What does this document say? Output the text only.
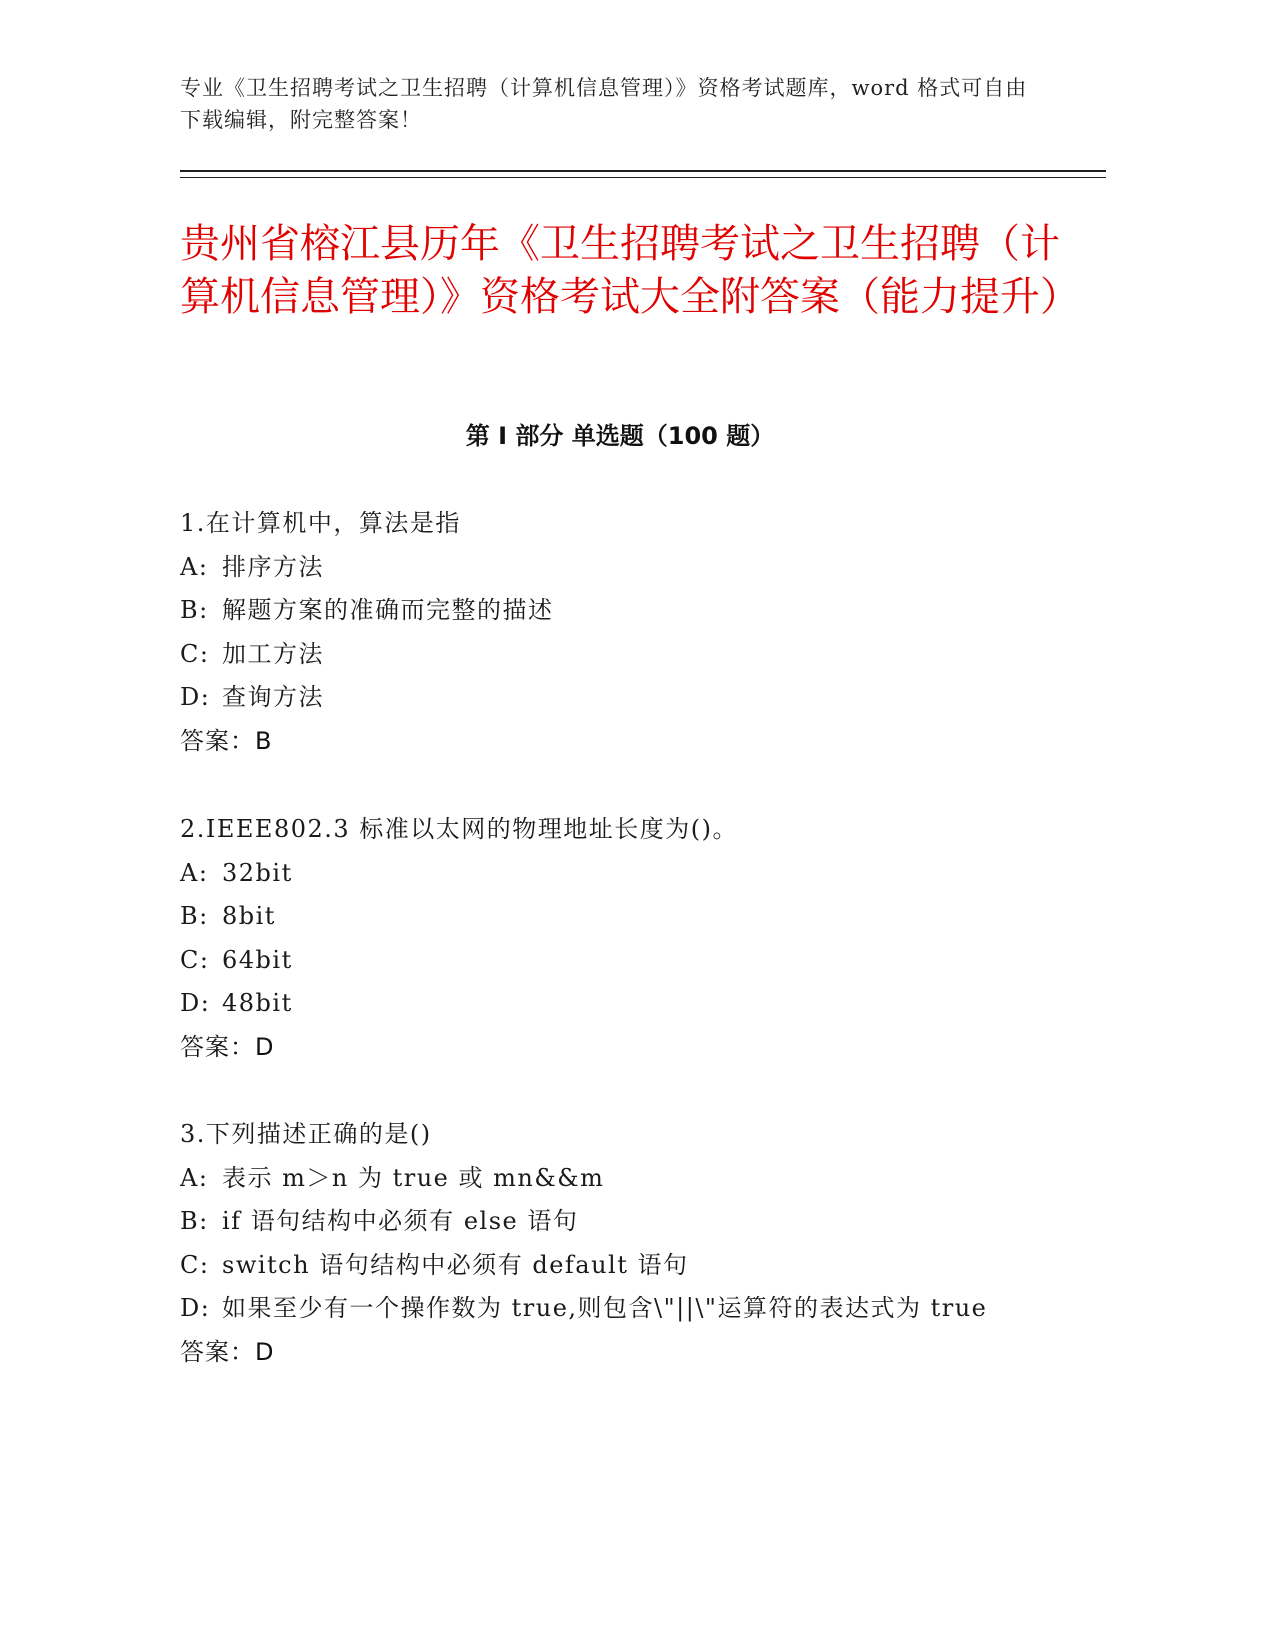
专业《卫生招聘考试之卫生招聘（计算机信息管理）》资格考试题库，word 格式可自由下载编辑，附完整答案！
贵州省榕江县历年《卫生招聘考试之卫生招聘（计算机信息管理）》资格考试大全附答案（能力提升）
第 I 部分 单选题（100 题）
1.在计算机中，算法是指
A: 排序方法
B: 解题方案的准确而完整的描述
C: 加工方法
D: 查询方法
答案：B
2.IEEE802.3 标准以太网的物理地址长度为()。
A: 32bit
B: 8bit
C: 64bit
D: 48bit
答案：D
3.下列描述正确的是()
A: 表示 m＞n 为 true 或 mn&&m
B: if 语句结构中必须有 else 语句
C: switch 语句结构中必须有 default 语句
D: 如果至少有一个操作数为 true,则包含\"||\"运算符的表达式为 true
答案：D
